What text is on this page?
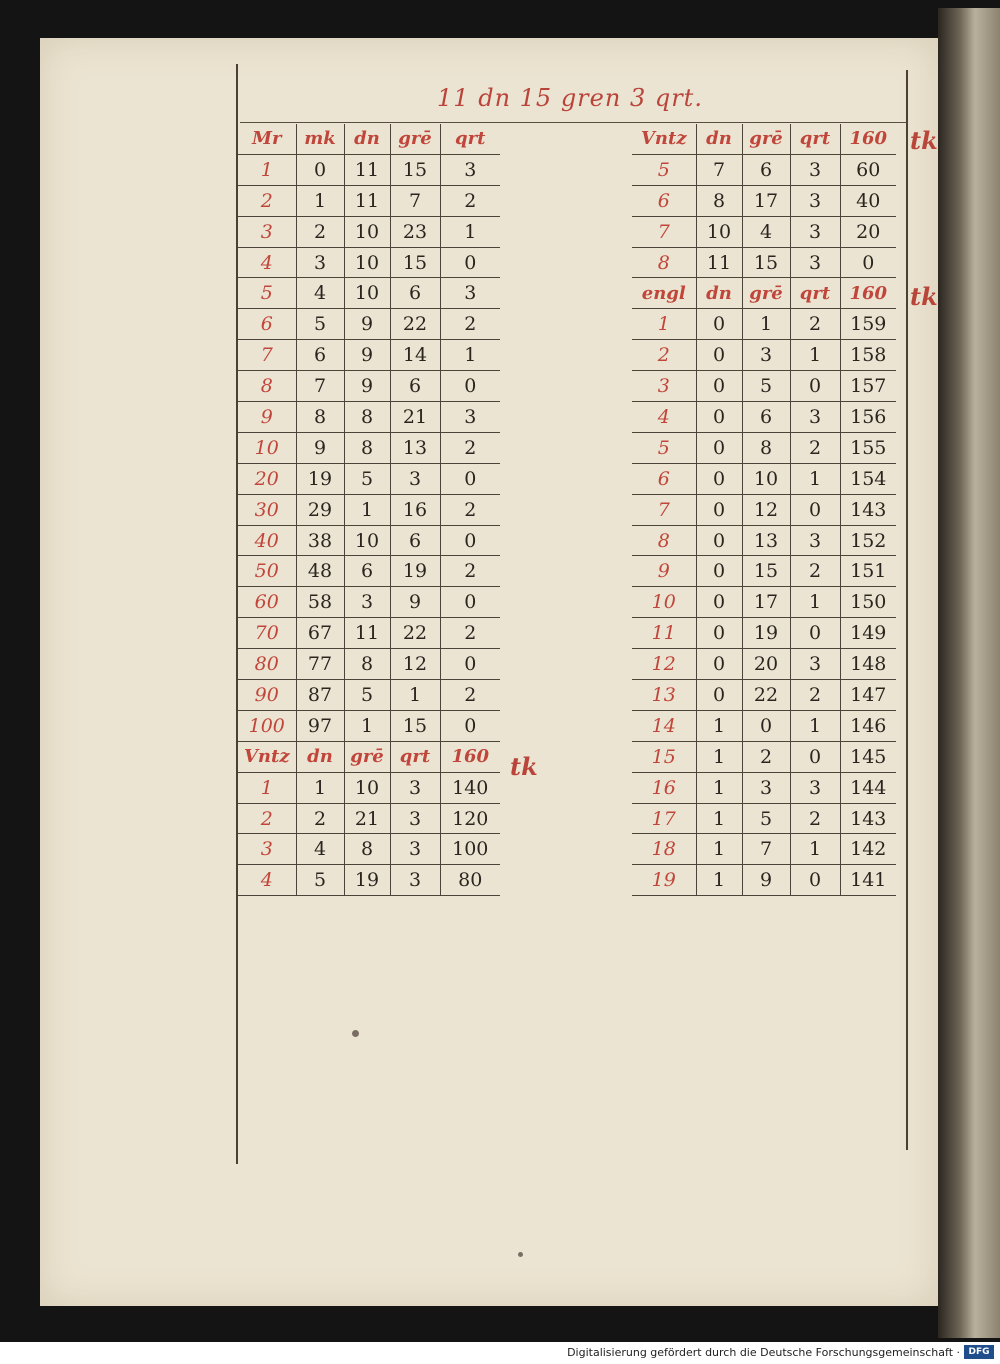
11 dn 15 gren 3 qrt.
Mr	mk	dn	grē	qrt
1	0	11	15	3
2	1	11	7	2
3	2	10	23	1
4	3	10	15	0
5	4	10	6	3
6	5	9	22	2
7	6	9	14	1
8	7	9	6	0
9	8	8	21	3
10	9	8	13	2
20	19	5	3	0
30	29	1	16	2
40	38	10	6	0
50	48	6	19	2
60	58	3	9	0
70	67	11	22	2
80	77	8	12	0
90	87	5	1	2
100	97	1	15	0
Vntz	dn	grē	qrt	160
1	1	10	3	140
2	2	21	3	120
3	4	8	3	100
4	5	19	3	80
Vntz	dn	grē	qrt	160
5	7	6	3	60
6	8	17	3	40
7	10	4	3	20
8	11	15	3	0
engl	dn	grē	qrt	160
1	0	1	2	159
2	0	3	1	158
3	0	5	0	157
4	0	6	3	156
5	0	8	2	155
6	0	10	1	154
7	0	12	0	143
8	0	13	3	152
9	0	15	2	151
10	0	17	1	150
11	0	19	0	149
12	0	20	3	148
13	0	22	2	147
14	1	0	1	146
15	1	2	0	145
16	1	3	3	144
17	1	5	2	143
18	1	7	1	142
19	1	9	0	141
tk
tk
tk
Digitalisierung gefördert durch die Deutsche Forschungsgemeinschaft · DFG
